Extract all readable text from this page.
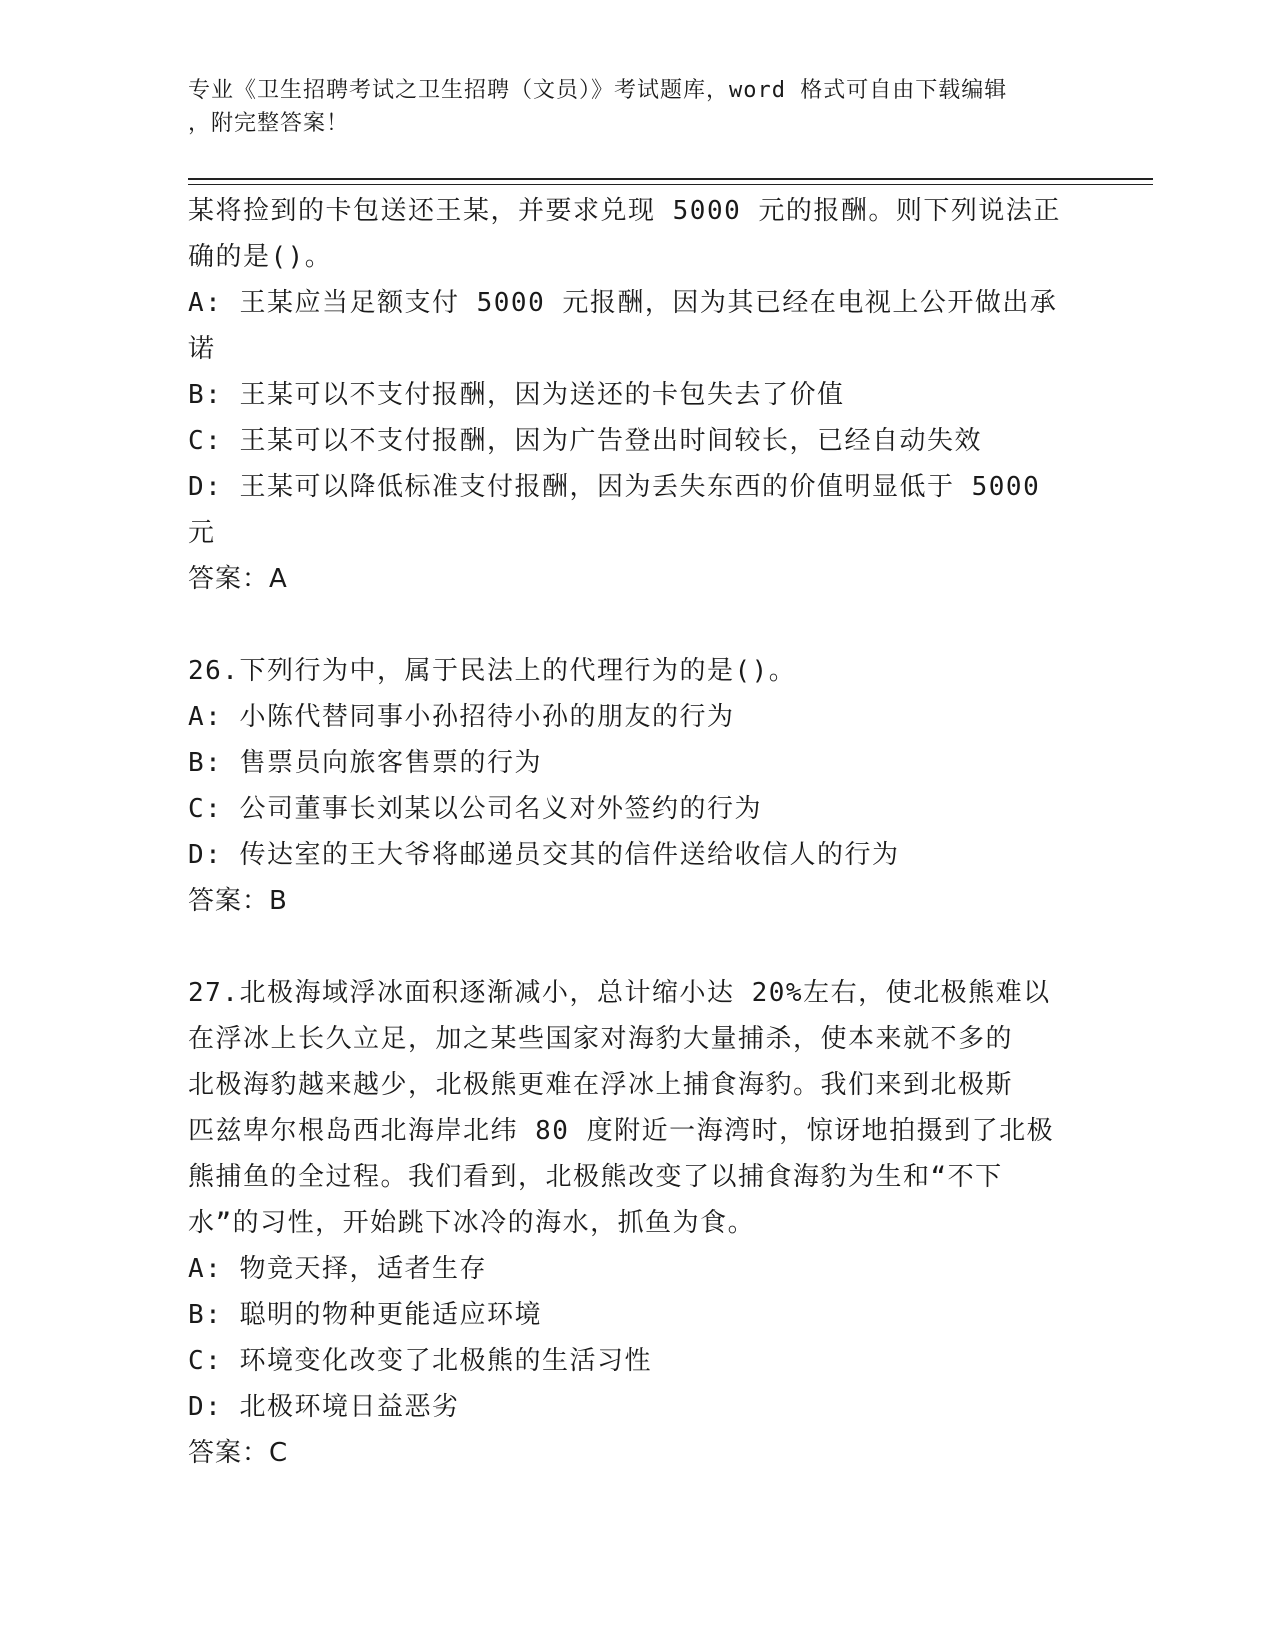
专业《卫生招聘考试之卫生招聘（文员）》考试题库，word 格式可自由下载编辑
，附完整答案！
某将捡到的卡包送还王某，并要求兑现 5000 元的报酬。则下列说法正
确的是()。
A: 王某应当足额支付 5000 元报酬，因为其已经在电视上公开做出承
诺
B: 王某可以不支付报酬，因为送还的卡包失去了价值
C: 王某可以不支付报酬，因为广告登出时间较长，已经自动失效
D: 王某可以降低标准支付报酬，因为丢失东西的价值明显低于 5000
元
答案：A
26.下列行为中，属于民法上的代理行为的是()。
A: 小陈代替同事小孙招待小孙的朋友的行为
B: 售票员向旅客售票的行为
C: 公司董事长刘某以公司名义对外签约的行为
D: 传达室的王大爷将邮递员交其的信件送给收信人的行为
答案：B
27.北极海域浮冰面积逐渐减小，总计缩小达 20%左右，使北极熊难以
在浮冰上长久立足，加之某些国家对海豹大量捕杀，使本来就不多的
北极海豹越来越少，北极熊更难在浮冰上捕食海豹。我们来到北极斯
匹兹卑尔根岛西北海岸北纬 80 度附近一海湾时，惊讶地拍摄到了北极
熊捕鱼的全过程。我们看到，北极熊改变了以捕食海豹为生和“不下
水”的习性，开始跳下冰冷的海水，抓鱼为食。
A: 物竞天择，适者生存
B: 聪明的物种更能适应环境
C: 环境变化改变了北极熊的生活习性
D: 北极环境日益恶劣
答案：C
